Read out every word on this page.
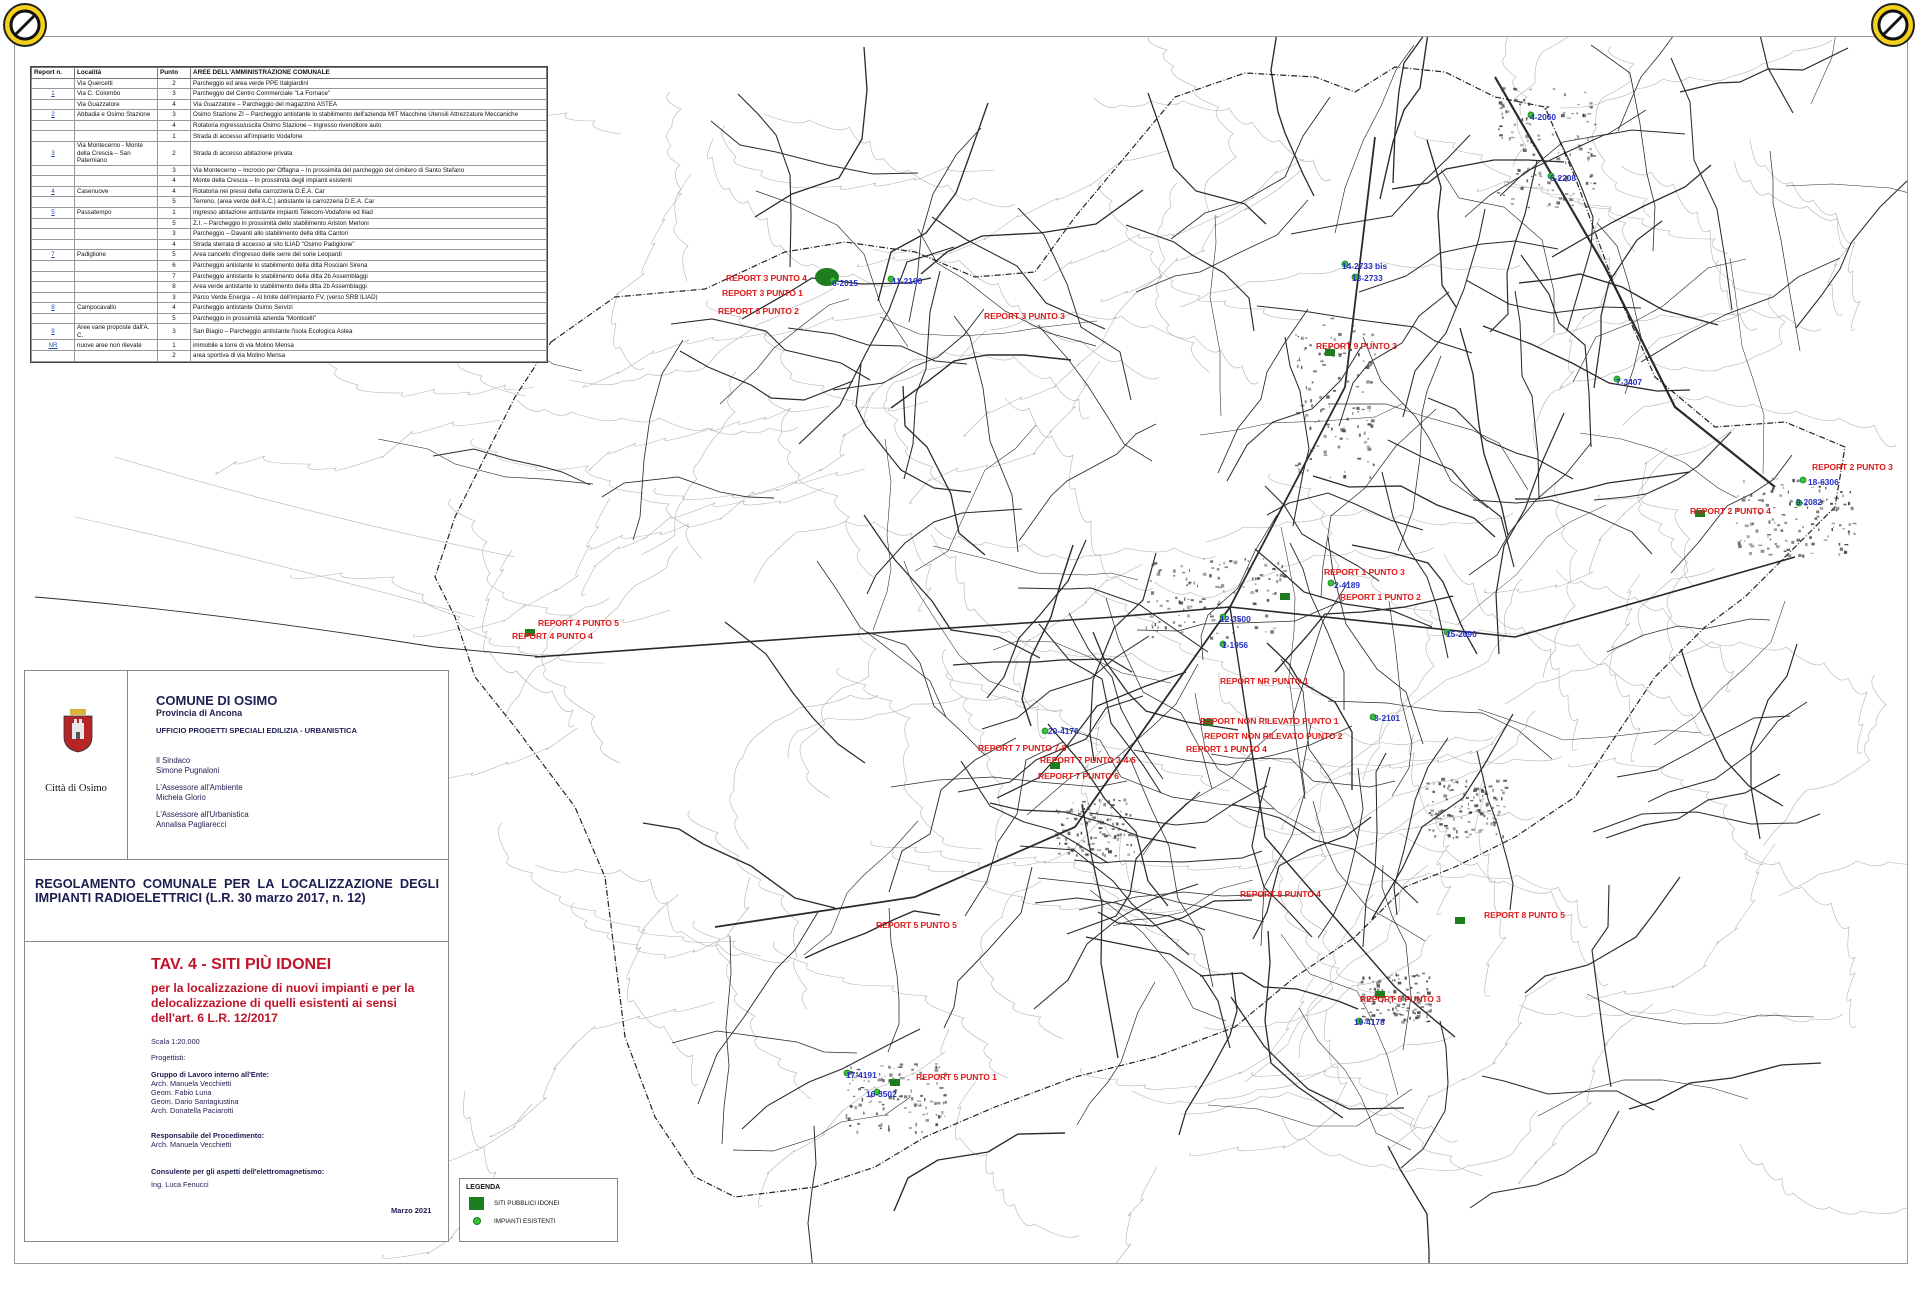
Report n.	Località	Punto	AREE DELL'AMMINISTRAZIONE COMUNALE
	Via Quercetti	2	Parcheggio ed area verde PPE Italgiardini
1	Via C. Colombo	3	Parcheggio del Centro Commerciale "La Fornace"
	Via Guazzatore	4	Via Guazzatore – Parcheggio del magazzino ASTEA
2	Abbadia e Osimo Stazione	3	Osimo Stazione ZI – Parcheggio antistante lo stabilimento dell'azienda MIT Macchine Utensili Attrezzature Meccaniche
		4	Rotatoria ingresso/uscita Osimo Stazione – Ingresso rivenditore auto
		1	Strada di accesso all'impianto Vodafone
3	Via Montecerno - Monte della Crescia – San Paterniano	2	Strada di accesso abitazione privata
		3	Via Montecerno – Incrocio per Offagna – In prossimità del parcheggio del cimitero di Santo Stefano
		4	Monte della Crescia – In prossimità degli impianti esistenti
4	Casenuove	4	Rotatoria nei pressi della carrozzeria D.E.A. Car
		5	Terreno, (area verde dell'A.C.) antistante la carrozzeria D.E.A. Car
5	Passatempo	1	Ingresso abitazione antistante impianti Telecom-Vodafone ed Iliad
		5	Z.I. – Parcheggio in prossimità dello stabilimento Ariston Merloni
		3	Parcheggio – Davanti allo stabilimento della ditta Cantori
		4	Strada sterrata di accesso al sito ILIAD "Osimo Padiglione"
7	Padiglione	5	Area cancello d'ingresso delle serre del sorie Leopardi
		6	Parcheggio antistante lo stabilimento della ditta Rosciani Sirena
		7	Parcheggio antistante lo stabilimento della ditta 2b Assemblaggi
		8	Area verde antistante lo stabilimento della ditta 2b Assemblaggi
		3	Parco Verde Energia – Al limite dell'impianto FV, (verso SRB ILIAD)
8	Campocavallo	4	Parcheggio antistante Osimo Servizi
		5	Parcheggio in prossimità azienda "Monticelli"
9	Aree varie proposte dall'A. C.	3	San Biagio – Parcheggio antistante l'isola Ecologica Astea
NR	nuove aree non rilevate	1	immobile a torre di via Molino Mensa
		2	area sportiva di via Molino Mensa
Città di Osimo
COMUNE DI OSIMO
Provincia di Ancona
UFFICIO PROGETTI SPECIALI EDILIZIA - URBANISTICA
Il Sindaco
Simone Pugnaloni
L'Assessore all'Ambiente
Michela Glorio
L'Assessore all'Urbanistica
Annalisa Pagliarecci
REGOLAMENTO COMUNALE PER LA LOCALIZZAZIONE DEGLI IMPIANTI RADIOELETTRICI (L.R. 30 marzo 2017, n. 12)
TAV. 4 - SITI PIÙ IDONEI
per la localizzazione di nuovi impianti e per la delocalizzazione di quelli esistenti ai sensi dell'art. 6 L.R. 12/2017
Scala 1:20.000
Progettisti:
Gruppo di Lavoro interno all'Ente:
Arch. Manuela Vecchietti
Geom. Fabio Luna
Geom. Dario Santagiustina
Arch. Donatella Paciarotti
Responsabile del Procedimento:
Arch. Manuela Vecchietti
Consulente per gli aspetti dell'elettromagnetismo:
Ing. Luca Fenucci
Marzo 2021
LEGENDA
SITI PUBBLICI IDONEI
IMPIANTI ESISTENTI
REPORT 3 PUNTO 4
REPORT 3 PUNTO 1
REPORT 3 PUNTO 2	REPORT 3 PUNTO 3
REPORT 9 PUNTO 3
REPORT 2 PUNTO 3
REPORT 2 PUNTO 4
REPORT 4 PUNTO 5
REPORT 4 PUNTO 4
REPORT 1 PUNTO 3
REPORT 1 PUNTO 2
REPORT NR PUNTO 1
REPORT NON RILEVATO PUNTO 1
REPORT NON RILEVATO PUNTO 2
REPORT 1 PUNTO 4
REPORT 7 PUNTO 7-8
REPORT 7 PUNTO 3-4-5
REPORT 7 PUNTO 6
REPORT 8 PUNTO 4
REPORT 8 PUNTO 5
REPORT 5 PUNTO 5
REPORT 8 PUNTO 3
REPORT 5 PUNTO 1
6-2015	11-2100
14-2733 bis
13-2733
4-2060
5-2208
7-3407
18-6306
9-2082
2-4189
12-3500
15-2090
20-4176
3-2101
19-4178
17-4191
16-3502
1-1956
